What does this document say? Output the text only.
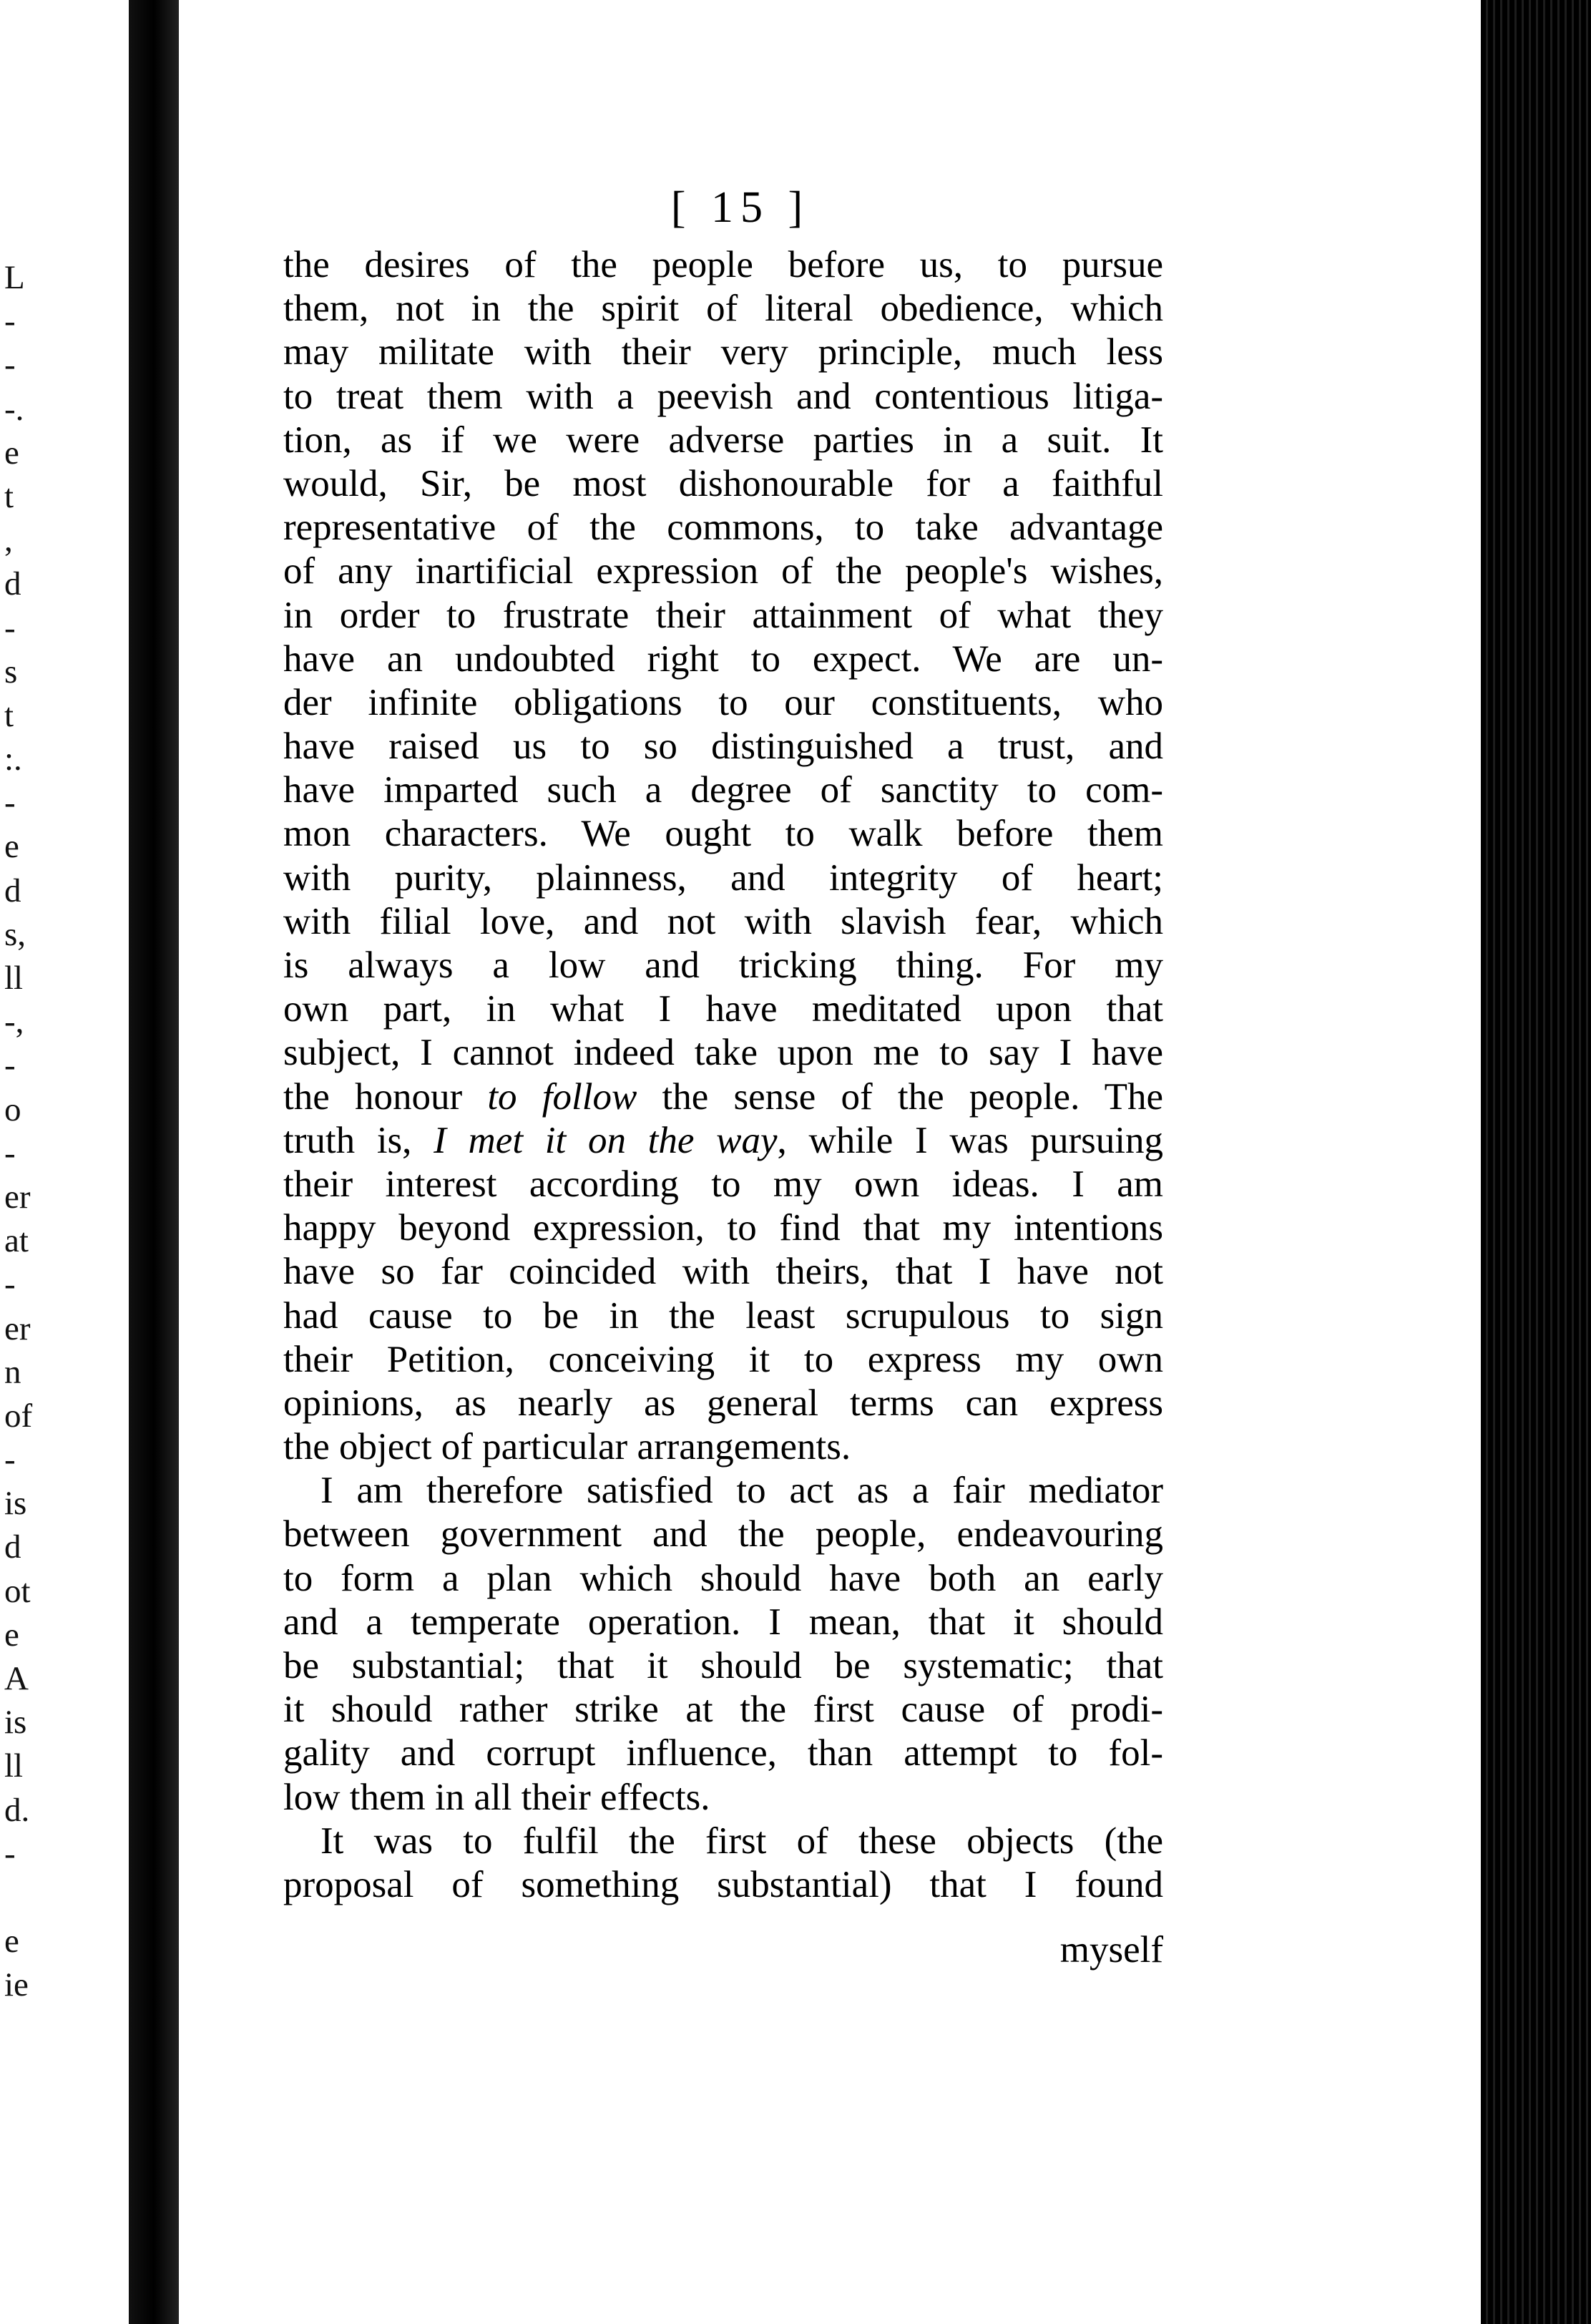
L
-
-
-.
e
t
,
d
-
s
t
:.
-
e
d
s,
ll
-,
-
o
-
er
at
-
er
n
of
-
is
d
ot
e
A
is
ll
d.
-
e
ie
[ 15 ]
the desires of the people before us, to pursue
them, not in the spirit of literal obedience, which
may militate with their very principle, much less
to treat them with a peevish and contentious litiga-
tion, as if we were adverse parties in a suit. It
would, Sir, be most dishonourable for a faithful
representative of the commons, to take advantage
of any inartificial expression of the people's wishes,
in order to frustrate their attainment of what they
have an undoubted right to expect. We are un-
der infinite obligations to our constituents, who
have raised us to so distinguished a trust, and
have imparted such a degree of sanctity to com-
mon characters. We ought to walk before them
with purity, plainness, and integrity of heart;
with filial love, and not with slavish fear, which
is always a low and tricking thing. For my
own part, in what I have meditated upon that
subject, I cannot indeed take upon me to say I have
the honour to follow the sense of the people. The
truth is, I met it on the way, while I was pursuing
their interest according to my own ideas. I am
happy beyond expression, to find that my intentions
have so far coincided with theirs, that I have not
had cause to be in the least scrupulous to sign
their Petition, conceiving it to express my own
opinions, as nearly as general terms can express
the object of particular arrangements.
I am therefore satisfied to act as a fair mediator
between government and the people, endeavouring
to form a plan which should have both an early
and a temperate operation. I mean, that it should
be substantial; that it should be systematic; that
it should rather strike at the first cause of prodi-
gality and corrupt influence, than attempt to fol-
low them in all their effects.
It was to fulfil the first of these objects (the
proposal of something substantial) that I found
myself
